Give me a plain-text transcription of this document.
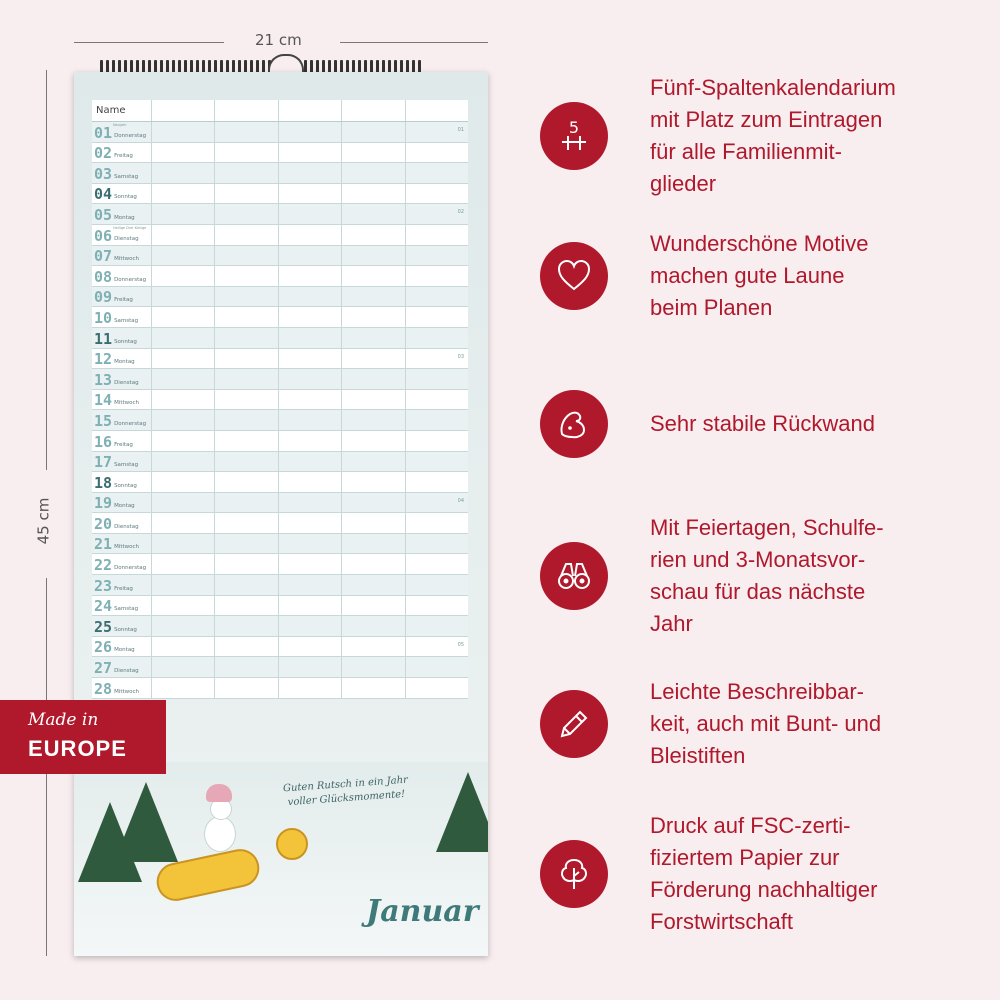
21 cm
45 cm
Name
01 Donnerstag
Neujahr
01
02 Freitag
03 Samstag
04 Sonntag
05 Montag
02
06 Dienstag
Heilige Drei Könige
07 Mittwoch
08 Donnerstag
09 Freitag
10 Samstag
11 Sonntag
12 Montag
03
13 Dienstag
14 Mittwoch
15 Donnerstag
16 Freitag
17 Samstag
18 Sonntag
19 Montag
04
20 Dienstag
21 Mittwoch
22 Donnerstag
23 Freitag
24 Samstag
25 Sonntag
26 Montag
05
27 Dienstag
28 Mittwoch
Guten Rutsch in ein Jahr
voller Glücksmomente!
Januar
Made in
EUROPE
5
Fünf-Spaltenkalendarium
mit Platz zum Eintragen
für alle Familienmit-
glieder
Wunderschöne Motive
machen gute Laune
beim Planen
Sehr stabile Rückwand
Mit Feiertagen, Schulfe-
rien und 3-Monatsvor-
schau für das nächste
Jahr
Leichte Beschreibbar-
keit, auch mit Bunt- und
Bleistiften
Druck auf FSC-zerti-
fiziertem Papier zur
Förderung nachhaltiger
Forstwirtschaft
